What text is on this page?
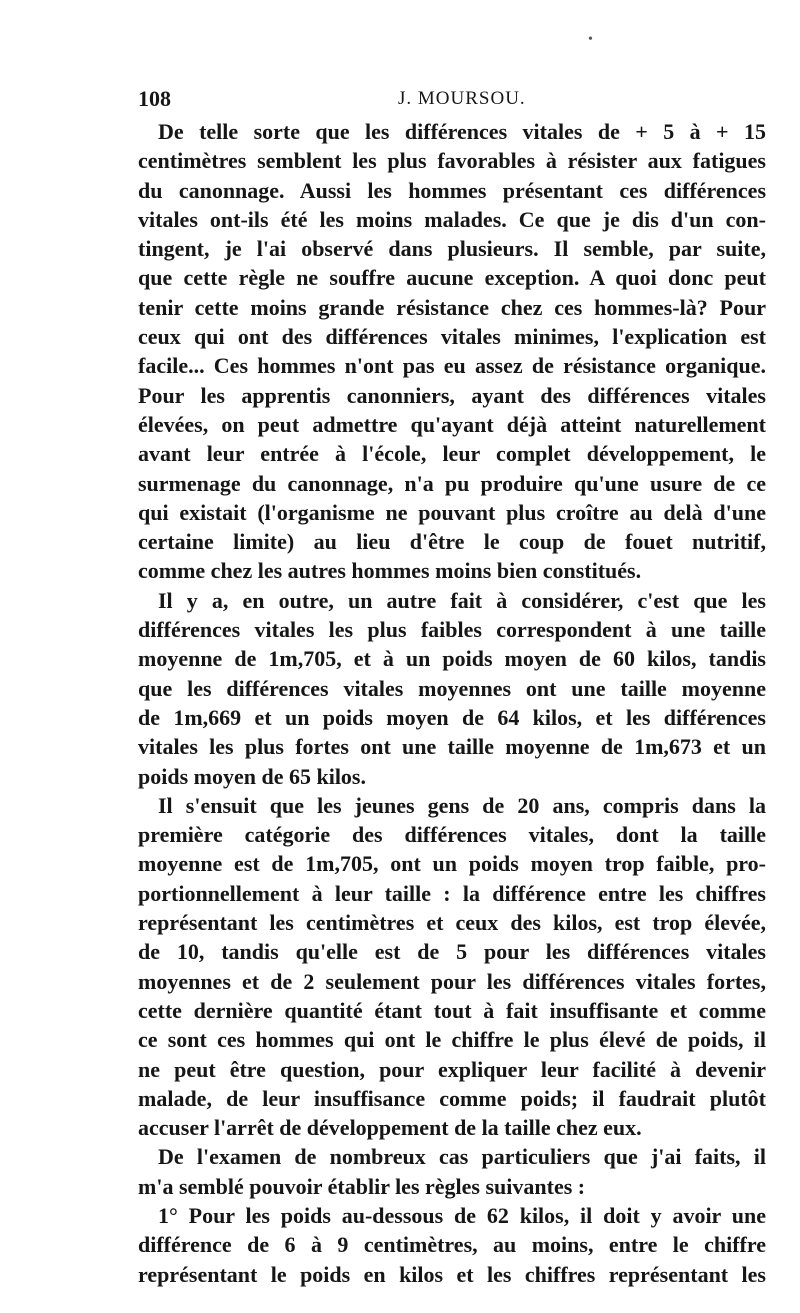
•
108	J. MOURSOU.
De telle sorte que les différences vitales de + 5 à + 15
centimètres semblent les plus favorables à résister aux fatigues
du canonnage. Aussi les hommes présentant ces différences
vitales ont-ils été les moins malades. Ce que je dis d'un con-
tingent, je l'ai observé dans plusieurs. Il semble, par suite,
que cette règle ne souffre aucune exception. A quoi donc peut
tenir cette moins grande résistance chez ces hommes-là? Pour
ceux qui ont des différences vitales minimes, l'explication est
facile... Ces hommes n'ont pas eu assez de résistance organique.
Pour les apprentis canonniers, ayant des différences vitales
élevées, on peut admettre qu'ayant déjà atteint naturellement
avant leur entrée à l'école, leur complet développement, le
surmenage du canonnage, n'a pu produire qu'une usure de ce
qui existait (l'organisme ne pouvant plus croître au delà d'une
certaine limite) au lieu d'être le coup de fouet nutritif,
comme chez les autres hommes moins bien constitués.
Il y a, en outre, un autre fait à considérer, c'est que les
différences vitales les plus faibles correspondent à une taille
moyenne de 1m,705, et à un poids moyen de 60 kilos, tandis
que les différences vitales moyennes ont une taille moyenne
de 1m,669 et un poids moyen de 64 kilos, et les différences
vitales les plus fortes ont une taille moyenne de 1m,673 et un
poids moyen de 65 kilos.
Il s'ensuit que les jeunes gens de 20 ans, compris dans la
première catégorie des différences vitales, dont la taille
moyenne est de 1m,705, ont un poids moyen trop faible, pro-
portionnellement à leur taille : la différence entre les chiffres
représentant les centimètres et ceux des kilos, est trop élevée,
de 10, tandis qu'elle est de 5 pour les différences vitales
moyennes et de 2 seulement pour les différences vitales fortes,
cette dernière quantité étant tout à fait insuffisante et comme
ce sont ces hommes qui ont le chiffre le plus élevé de poids, il
ne peut être question, pour expliquer leur facilité à devenir
malade, de leur insuffisance comme poids; il faudrait plutôt
accuser l'arrêt de développement de la taille chez eux.
De l'examen de nombreux cas particuliers que j'ai faits, il
m'a semblé pouvoir établir les règles suivantes :
1° Pour les poids au-dessous de 62 kilos, il doit y avoir une
différence de 6 à 9 centimètres, au moins, entre le chiffre
représentant le poids en kilos et les chiffres représentant les
